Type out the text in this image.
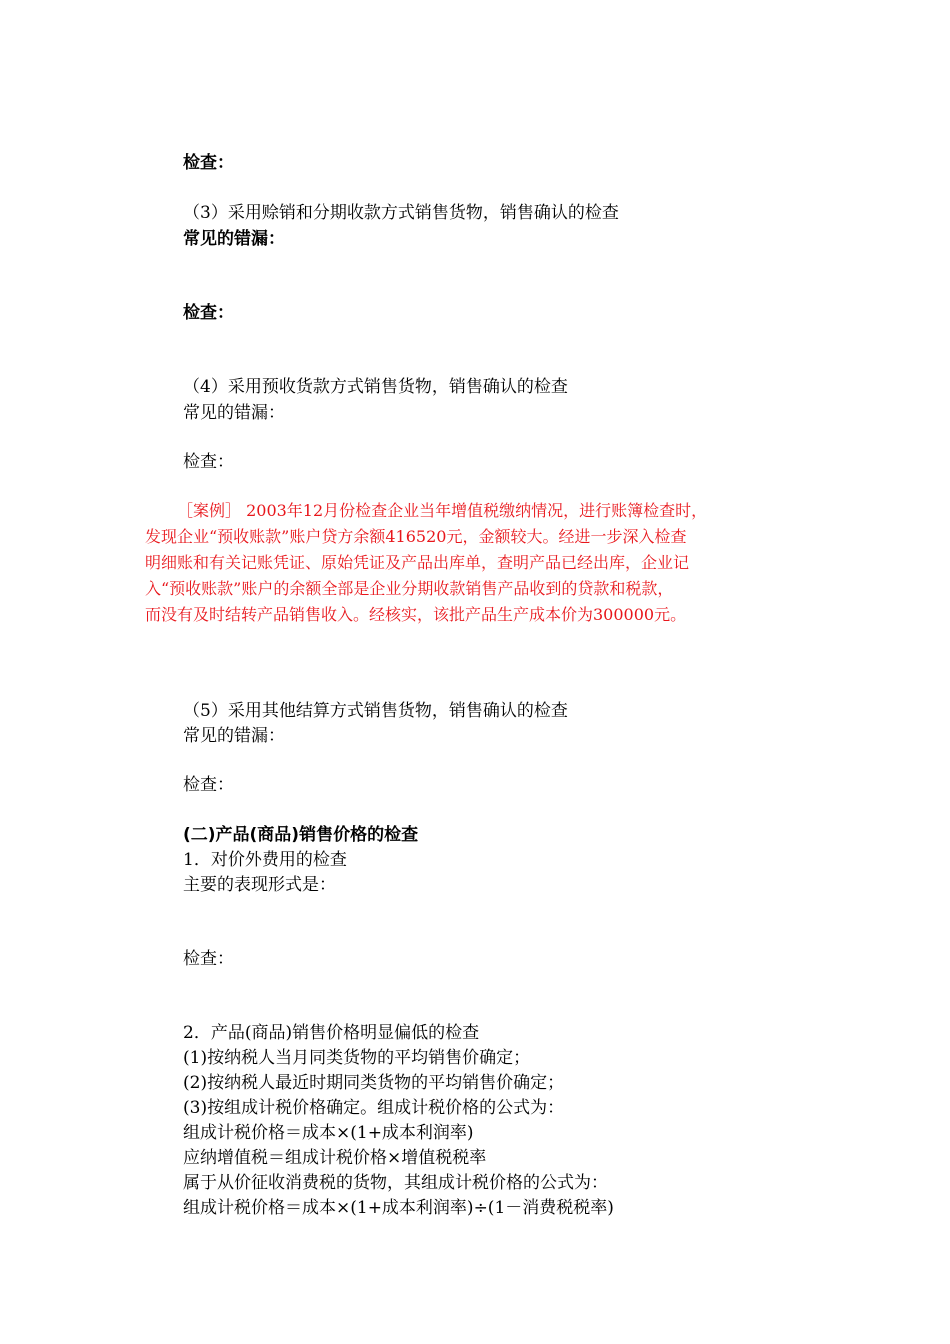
检查：
（3）采用赊销和分期收款方式销售货物，销售确认的检查
常见的错漏：
检查：
（4）采用预收货款方式销售货物，销售确认的检查
常见的错漏：
检查：
［案例］ 2003年12月份检查企业当年增值税缴纳情况，进行账簿检查时，
发现企业“预收账款”账户贷方余额416520元，金额较大。经进一步深入检查
明细账和有关记账凭证、原始凭证及产品出库单，查明产品已经出库，企业记
入“预收账款”账户的余额全部是企业分期收款销售产品收到的贷款和税款，
而没有及时结转产品销售收入。经核实，该批产品生产成本价为300000元。
（5）采用其他结算方式销售货物，销售确认的检查
常见的错漏：
检查：
(二)产品(商品)销售价格的检查
1．对价外费用的检查
主要的表现形式是：
检查：
2．产品(商品)销售价格明显偏低的检查
(1)按纳税人当月同类货物的平均销售价确定；
(2)按纳税人最近时期同类货物的平均销售价确定；
(3)按组成计税价格确定。组成计税价格的公式为：
组成计税价格＝成本×(1+成本利润率)
应纳增值税＝组成计税价格×增值税税率
属于从价征收消费税的货物，其组成计税价格的公式为：
组成计税价格＝成本×(1+成本利润率)÷(1－消费税税率)
